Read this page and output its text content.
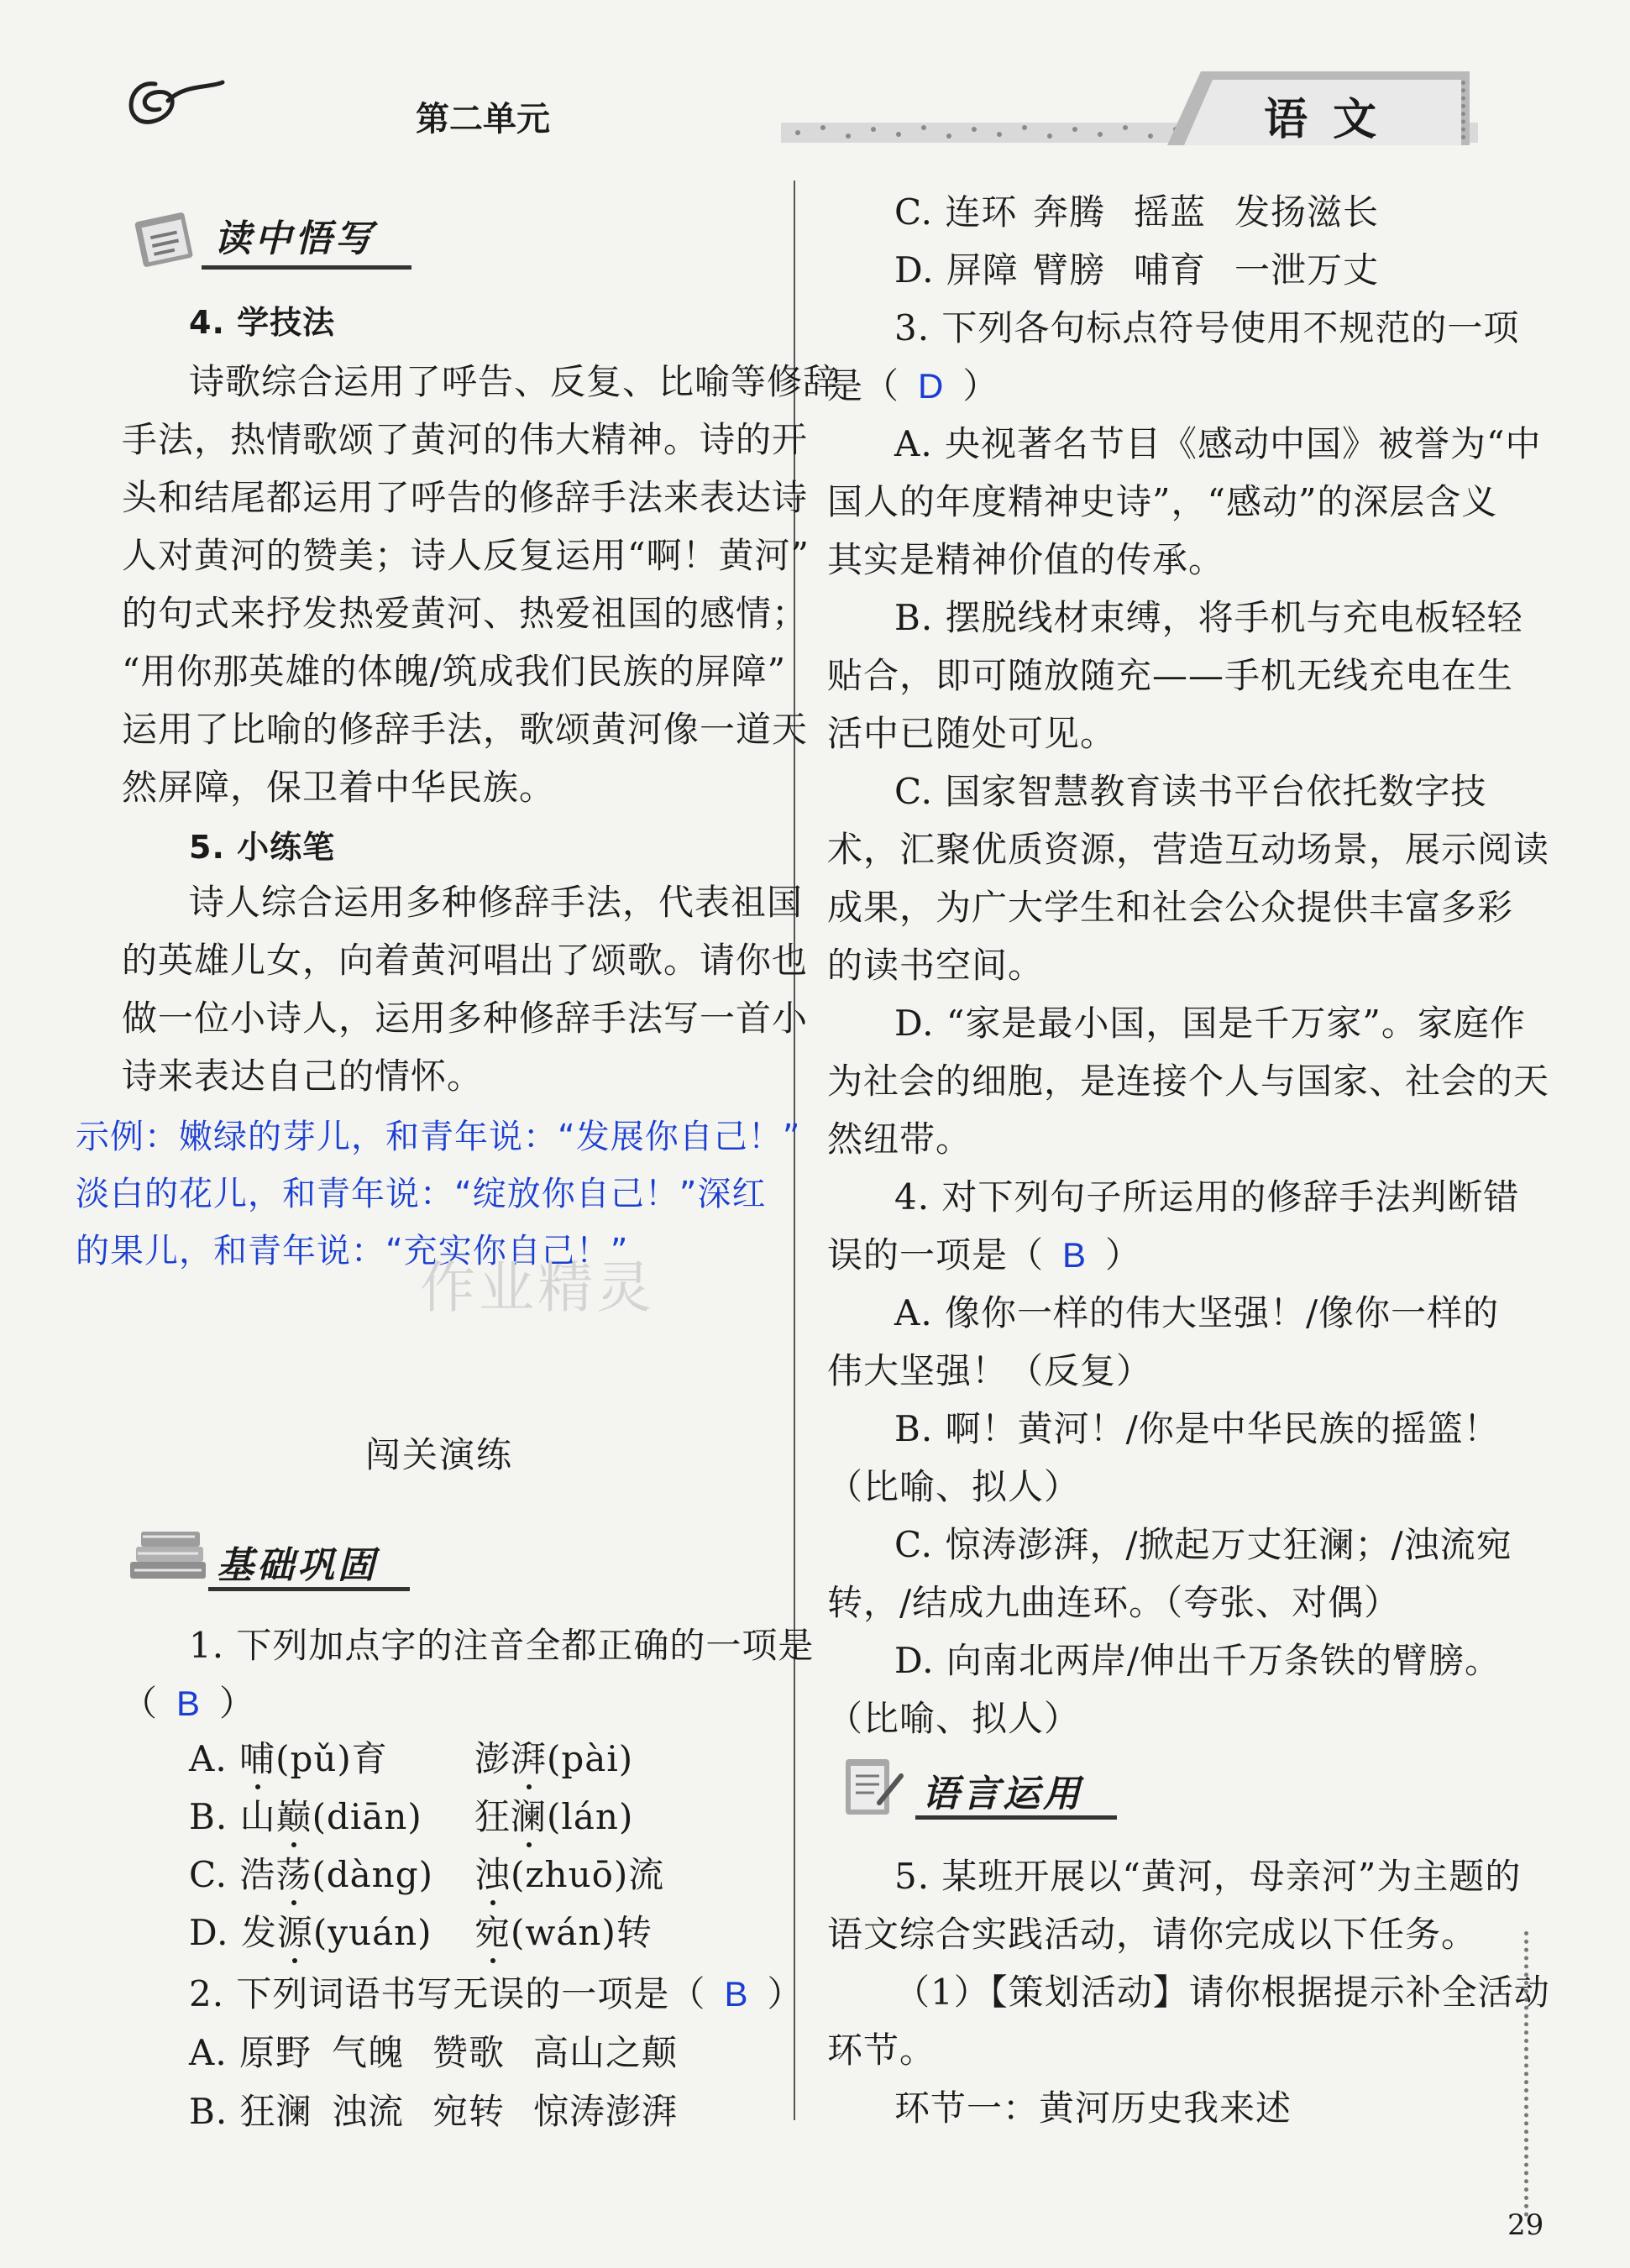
第二单元	语 文
读中悟写
4. 学技法
诗歌综合运用了呼告、反复、比喻等修辞
手法，热情歌颂了黄河的伟大精神。诗的开
头和结尾都运用了呼告的修辞手法来表达诗
人对黄河的赞美；诗人反复运用“啊！黄河”
的句式来抒发热爱黄河、热爱祖国的感情；
“用你那英雄的体魄/筑成我们民族的屏障”
运用了比喻的修辞手法，歌颂黄河像一道天
然屏障，保卫着中华民族。
5. 小练笔
诗人综合运用多种修辞手法，代表祖国
的英雄儿女，向着黄河唱出了颂歌。请你也
做一位小诗人，运用多种修辞手法写一首小
诗来表达自己的情怀。
示例：嫩绿的芽儿，和青年说：“发展你自己！”
淡白的花儿，和青年说：“绽放你自己！”深红
的果儿，和青年说：“充实你自己！”
作业精灵
闯关演练
基础巩固
1. 下列加点字的注音全都正确的一项是
（ B ）
A. 哺(pǔ)育 澎湃(pài)
B. 山巅(diān) 狂澜(lán)
C. 浩荡(dàng) 浊(zhuō)流
D. 发源(yuán) 宛(wán)转
2. 下列词语书写无误的一项是（ B ）
A. 原野 气魄 赞歌 高山之颠
B. 狂澜 浊流 宛转 惊涛澎湃
C. 连环 奔腾 摇蓝 发扬滋长
D. 屏障 臂膀 哺育 一泄万丈
3. 下列各句标点符号使用不规范的一项
是（ D ）
A. 央视著名节目《感动中国》被誉为“中
国人的年度精神史诗”，“感动”的深层含义
其实是精神价值的传承。
B. 摆脱线材束缚，将手机与充电板轻轻
贴合，即可随放随充——手机无线充电在生
活中已随处可见。
C. 国家智慧教育读书平台依托数字技
术，汇聚优质资源，营造互动场景，展示阅读
成果，为广大学生和社会公众提供丰富多彩
的读书空间。
D. “家是最小国，国是千万家”。家庭作
为社会的细胞，是连接个人与国家、社会的天
然纽带。
4. 对下列句子所运用的修辞手法判断错
误的一项是（ B ）
A. 像你一样的伟大坚强！/像你一样的
伟大坚强！（反复）
B. 啊！黄河！/你是中华民族的摇篮！
（比喻、拟人）
C. 惊涛澎湃，/掀起万丈狂澜；/浊流宛
转，/结成九曲连环。（夸张、对偶）
D. 向南北两岸/伸出千万条铁的臂膀。
（比喻、拟人）
语言运用
5. 某班开展以“黄河，母亲河”为主题的
语文综合实践活动，请你完成以下任务。
（1）【策划活动】请你根据提示补全活动
环节。
环节一：黄河历史我来述
29
